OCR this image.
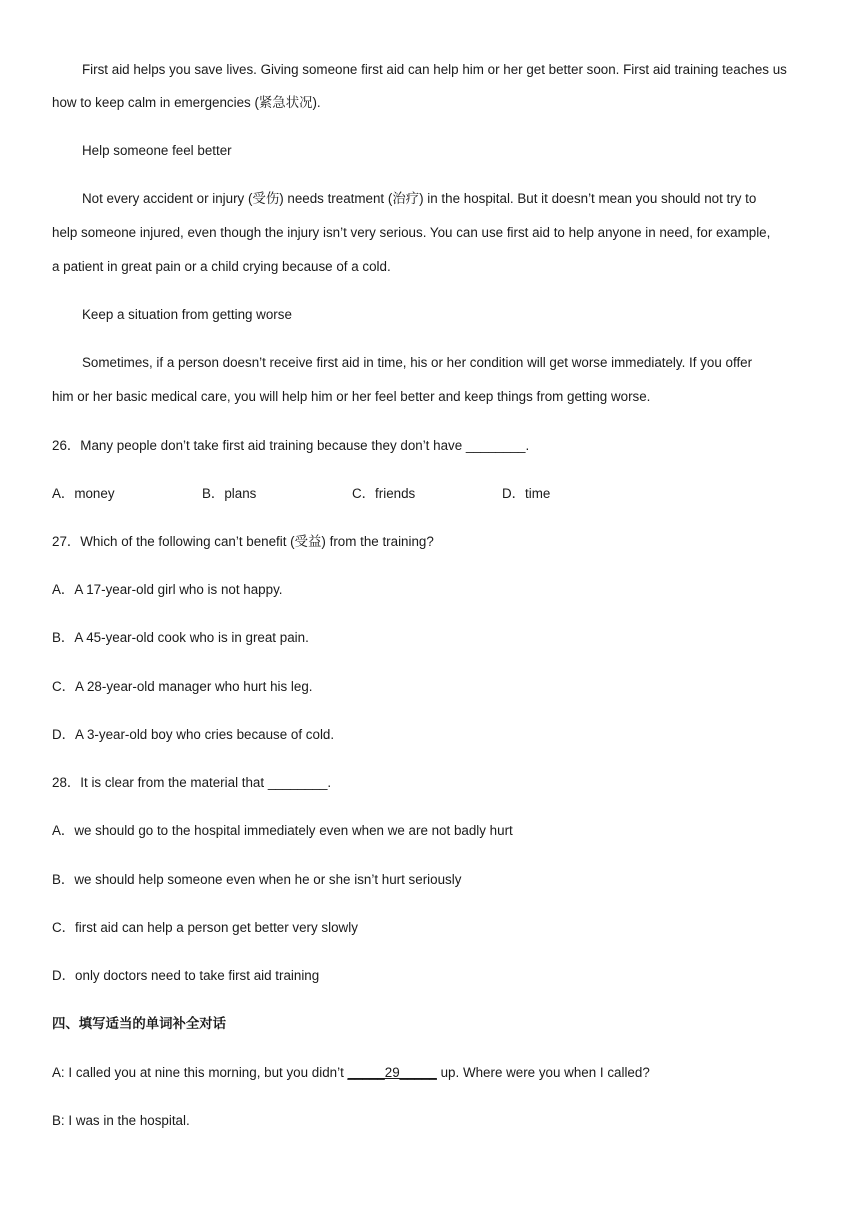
First aid helps you save lives. Giving someone first aid can help him or her get better soon. First aid training teaches us
how to keep calm in emergencies (紧急状况).
Help someone feel better
Not every accident or injury (受伤) needs treatment (治疗) in the hospital. But it doesn’t mean you should not try to
help someone injured, even though the injury isn’t very serious. You can use first aid to help anyone in need, for example,
a patient in great pain or a child crying because of a cold.
Keep a situation from getting worse
Sometimes, if a person doesn’t receive first aid in time, his or her condition will get worse immediately. If you offer
him or her basic medical care, you will help him or her feel better and keep things from getting worse.
26．Many people don’t take first aid training because they don’t have ________.
A．money	B．plans	C．friends	D．time
27．Which of the following can’t benefit (受益) from the training?
A．A 17-year-old girl who is not happy.
B．A 45-year-old cook who is in great pain.
C．A 28-year-old manager who hurt his leg.
D．A 3-year-old boy who cries because of cold.
28．It is clear from the material that ________.
A．we should go to the hospital immediately even when we are not badly hurt
B．we should help someone even when he or she isn’t hurt seriously
C．first aid can help a person get better very slowly
D．only doctors need to take first aid training
四、填写适当的单词补全对话
A: I called you at nine this morning, but you didn’t _____29_____ up. Where were you when I called?
B: I was in the hospital.
